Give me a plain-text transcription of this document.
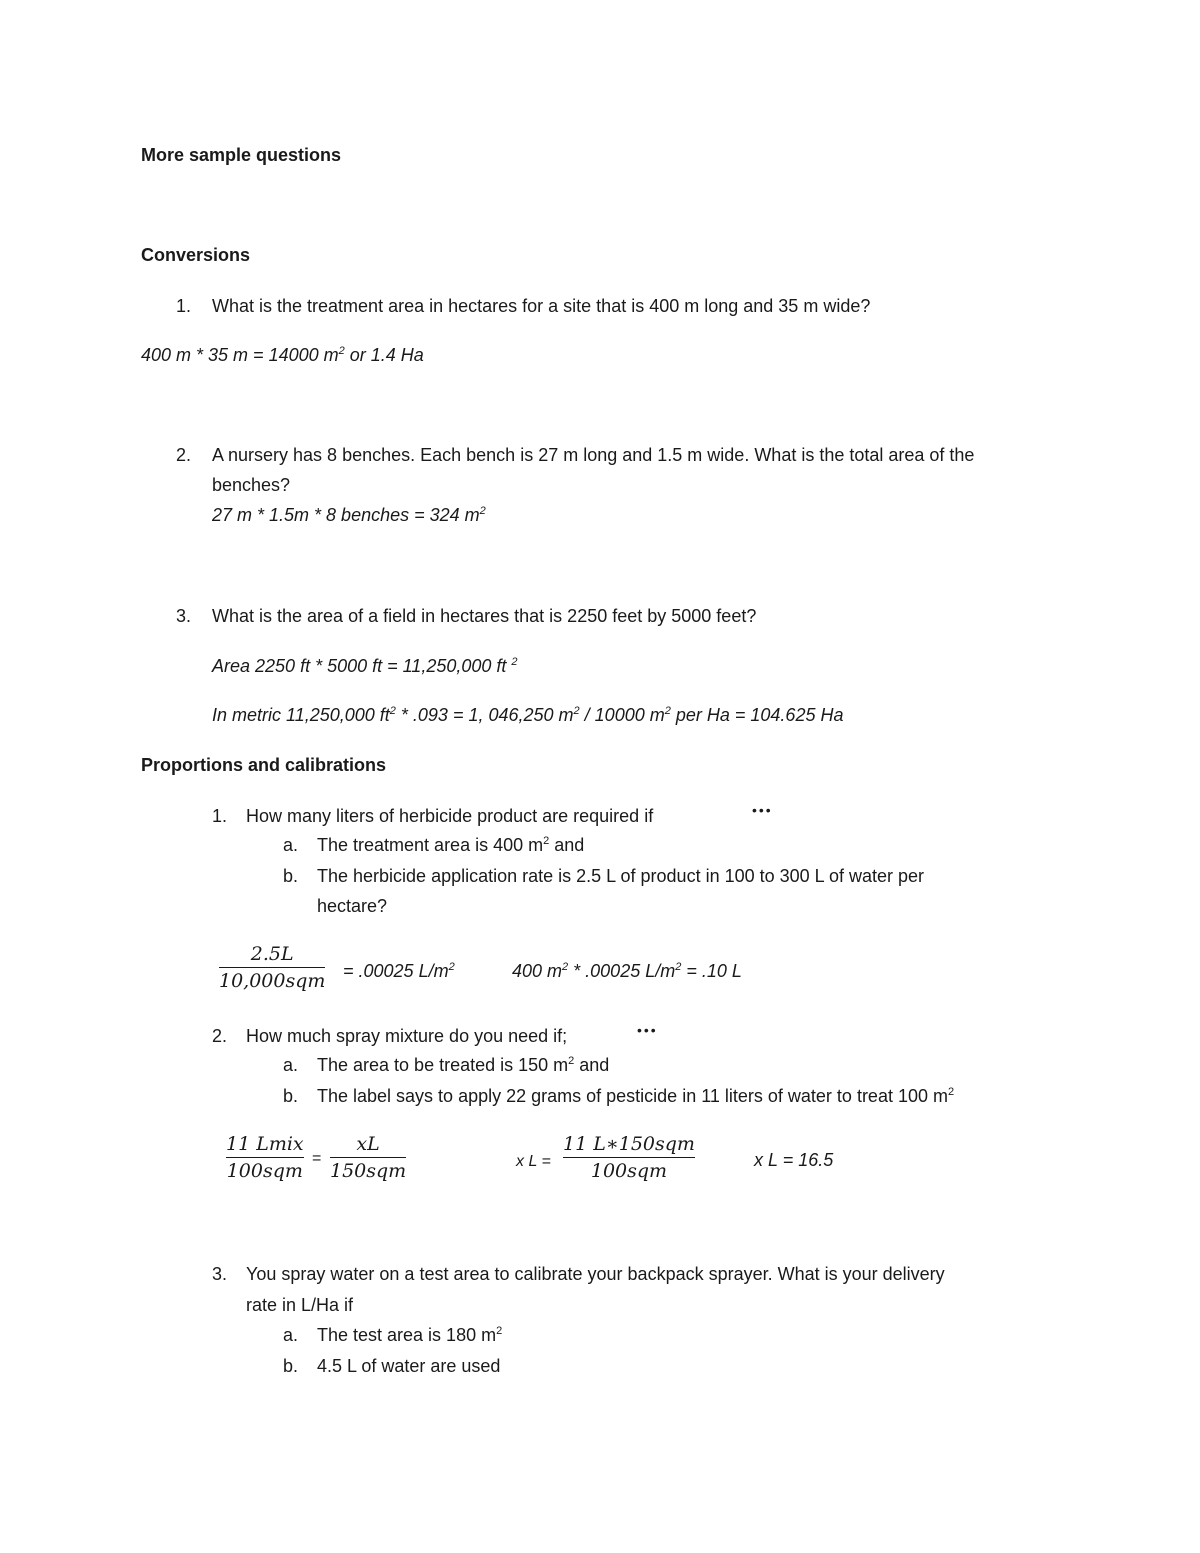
More sample questions
Conversions
1. What is the treatment area in hectares for a site that is 400 m long and 35 m wide?
400 m * 35 m = 14000 $m^2$ or 1.4 Ha
2. A nursery has 8 benches. Each bench is 27 m long and 1.5 m wide. What is the total area of the
benches?
27 m * 1.5m * 8 benches = 324 $m^2$
3. What is the area of a field in hectares that is 2250 feet by 5000 feet?
Area 2250 ft * 5000 ft = 11,250,000 ft $^2$
In metric 11,250,000 $ft^2 * .093 = 1$, 046,250 $m^2 / 10000$ $m^2$ per Ha = 104.625 Ha
Proportions and calibrations
1. How many liters of herbicide product are required if	•••
a. The treatment area is 400 $m^2$ and
b. The herbicide application rate is 2.5 L of product in 100 to 300 L of water per
hectare?
2.5𝐿
10,000𝑠𝑞𝑚 = .00025 $L/m^2$	400 $m^2 * .00025$ $L/m^2 = .10$ L
2. How much spray mixture do you need if;	•••
a. The area to be treated is 150 $m^2$ and
b. The label says to apply 22 grams of pesticide in 11 liters of water to treat 100 $m^2$
11 𝐿𝑚𝑖𝑥
100𝑠𝑞𝑚
=
𝑥𝐿
150𝑠𝑞𝑚	x L =
11 𝐿∗150𝑠𝑞𝑚
100𝑠𝑞𝑚	x L = 16.5
3. You spray water on a test area to calibrate your backpack sprayer. What is your delivery
rate in L/Ha if
a. The test area is 180 $m^2$
b. 4.5 L of water are used
